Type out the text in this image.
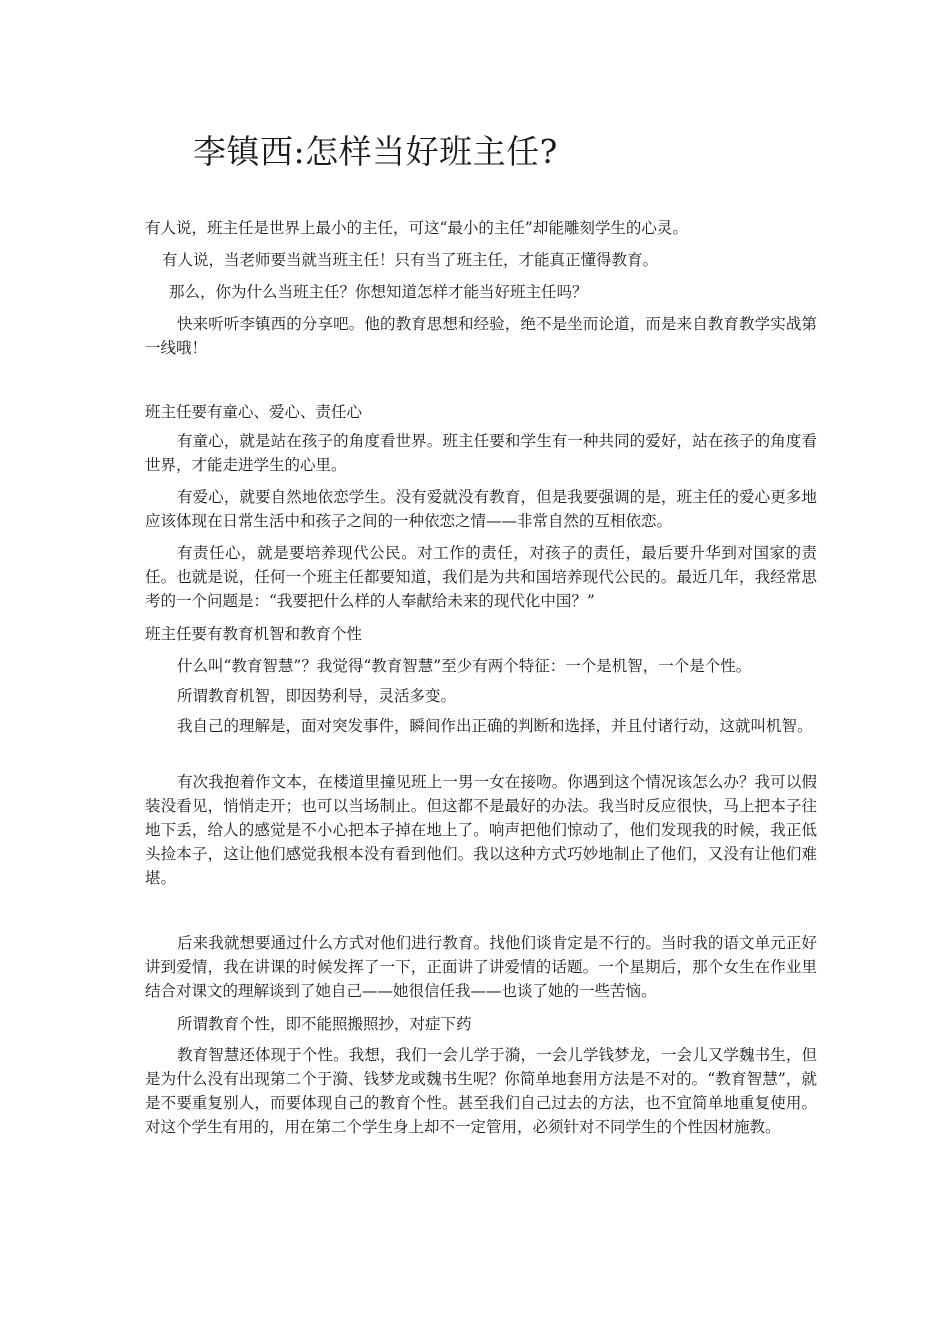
李镇西:怎样当好班主任?

有人说，班主任是世界上最小的主任，可这“最小的主任”却能雕刻学生的心灵。

有人说，当老师要当就当班主任！只有当了班主任，才能真正懂得教育。

那么，你为什么当班主任？你想知道怎样才能当好班主任吗？

快来听听李镇西的分享吧。他的教育思想和经验，绝不是坐而论道，而是来自教育教学实战第一线哦！

班主任要有童心、爱心、责任心

有童心，就是站在孩子的角度看世界。班主任要和学生有一种共同的爱好，站在孩子的角度看世界，才能走进学生的心里。

有爱心，就要自然地依恋学生。没有爱就没有教育，但是我要强调的是，班主任的爱心更多地应该体现在日常生活中和孩子之间的一种依恋之情——非常自然的互相依恋。

有责任心，就是要培养现代公民。对工作的责任，对孩子的责任，最后要升华到对国家的责任。也就是说，任何一个班主任都要知道，我们是为共和国培养现代公民的。最近几年，我经常思考的一个问题是：“我要把什么样的人奉献给未来的现代化中国？”

班主任要有教育机智和教育个性

什么叫“教育智慧”？我觉得“教育智慧”至少有两个特征：一个是机智，一个是个性。

所谓教育机智，即因势利导，灵活多变。

我自己的理解是，面对突发事件，瞬间作出正确的判断和选择，并且付诸行动，这就叫机智。

有次我抱着作文本，在楼道里撞见班上一男一女在接吻。你遇到这个情况该怎么办？我可以假装没看见，悄悄走开；也可以当场制止。但这都不是最好的办法。我当时反应很快，马上把本子往地下丢，给人的感觉是不小心把本子掉在地上了。响声把他们惊动了，他们发现我的时候，我正低头捡本子，这让他们感觉我根本没有看到他们。我以这种方式巧妙地制止了他们，又没有让他们难堪。

后来我就想要通过什么方式对他们进行教育。找他们谈肯定是不行的。当时我的语文单元正好讲到爱情，我在讲课的时候发挥了一下，正面讲了讲爱情的话题。一个星期后，那个女生在作业里结合对课文的理解谈到了她自己——她很信任我——也谈了她的一些苦恼。

所谓教育个性，即不能照搬照抄，对症下药

教育智慧还体现于个性。我想，我们一会儿学于漪，一会儿学钱梦龙，一会儿又学魏书生，但是为什么没有出现第二个于漪、钱梦龙或魏书生呢？你简单地套用方法是不对的。“教育智慧”，就是不要重复别人，而要体现自己的教育个性。甚至我们自己过去的方法，也不宜简单地重复使用。对这个学生有用的，用在第二个学生身上却不一定管用，必须针对不同学生的个性因材施教。
